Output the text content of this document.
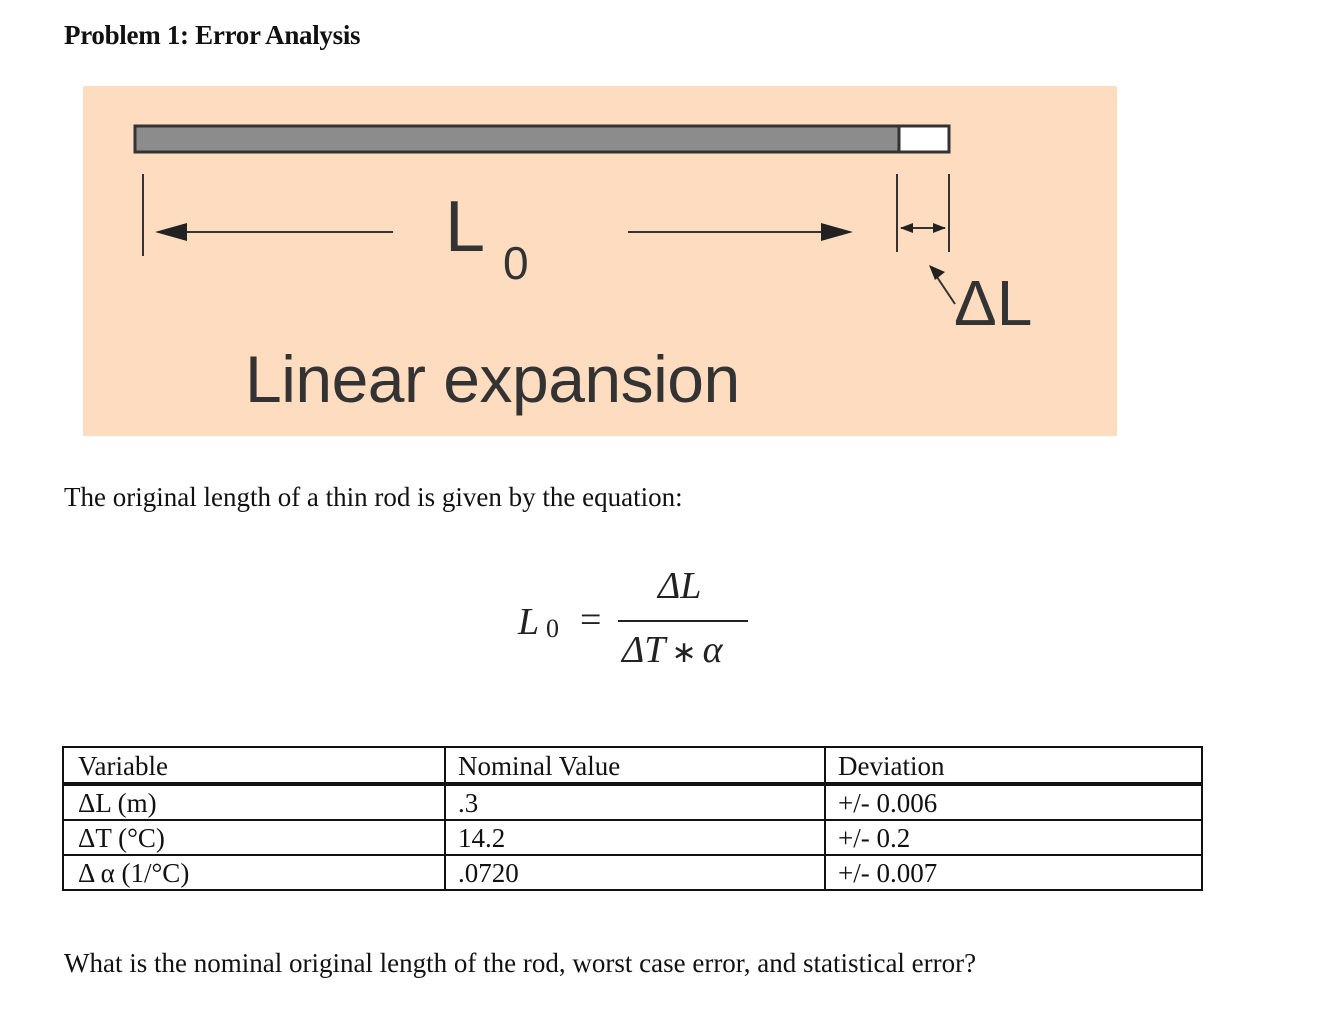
Problem 1: Error Analysis
L 0
ΔL
Linear expansion
The original length of a thin rod is given by the equation:
L 0 =
ΔL
ΔT ∗ α
Variable	Nominal Value	Deviation
ΔL (m)	.3	+/- 0.006
ΔT (°C)	14.2	+/- 0.2
Δ α (1/°C)	.0720	+/- 0.007
What is the nominal original length of the rod, worst case error, and statistical error?
